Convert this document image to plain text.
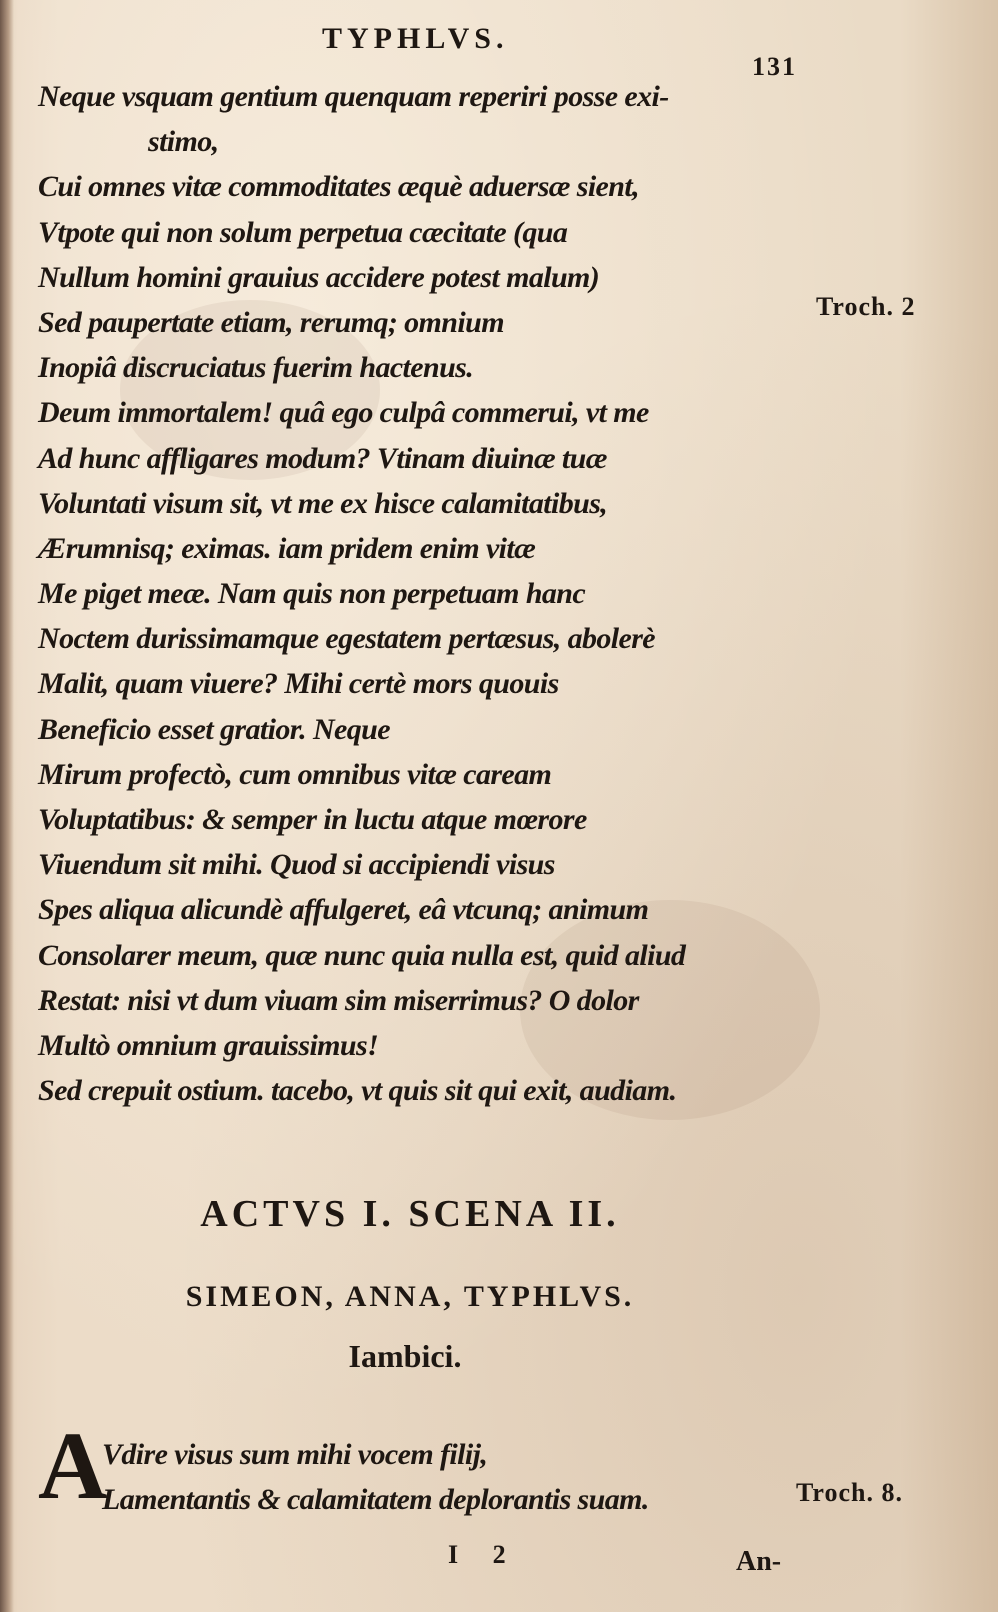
TYPHLVS.
131
Neque vsquam gentium quenquam reperiri posse exi-
stimo,
Cui omnes vitæ commoditates æquè aduersæ sient,
Vtpote qui non solum perpetua cæcitate (qua
Nullum homini grauius accidere potest malum)
Sed paupertate etiam, rerumq; omnium
Inopiâ discruciatus fuerim hactenus.
Deum immortalem! quâ ego culpâ commerui, vt me
Ad hunc affligares modum? Vtinam diuinæ tuæ
Voluntati visum sit, vt me ex hisce calamitatibus,
Ærumnisq; eximas. iam pridem enim vitæ
Me piget meæ. Nam quis non perpetuam hanc
Noctem durissimamque egestatem pertæsus, abolerè
Malit, quam viuere? Mihi certè mors quouis
Beneficio esset gratior. Neque
Mirum profectò, cum omnibus vitæ caream
Voluptatibus: & semper in luctu atque mœrore
Viuendum sit mihi. Quod si accipiendi visus
Spes aliqua alicundè affulgeret, eâ vtcunq; animum
Consolarer meum, quæ nunc quia nulla est, quid aliud
Restat: nisi vt dum viuam sim miserrimus? O dolor
Multò omnium grauissimus!
Sed crepuit ostium. tacebo, vt quis sit qui exit, audiam.
Troch. 2
ACTVS I. SCENA II.
SIMEON, ANNA, TYPHLVS.
Iambici.
A
Vdire visus sum mihi vocem filij,
Lamentantis & calamitatem deplorantis suam.	Troch. 8.
I 2	An-
